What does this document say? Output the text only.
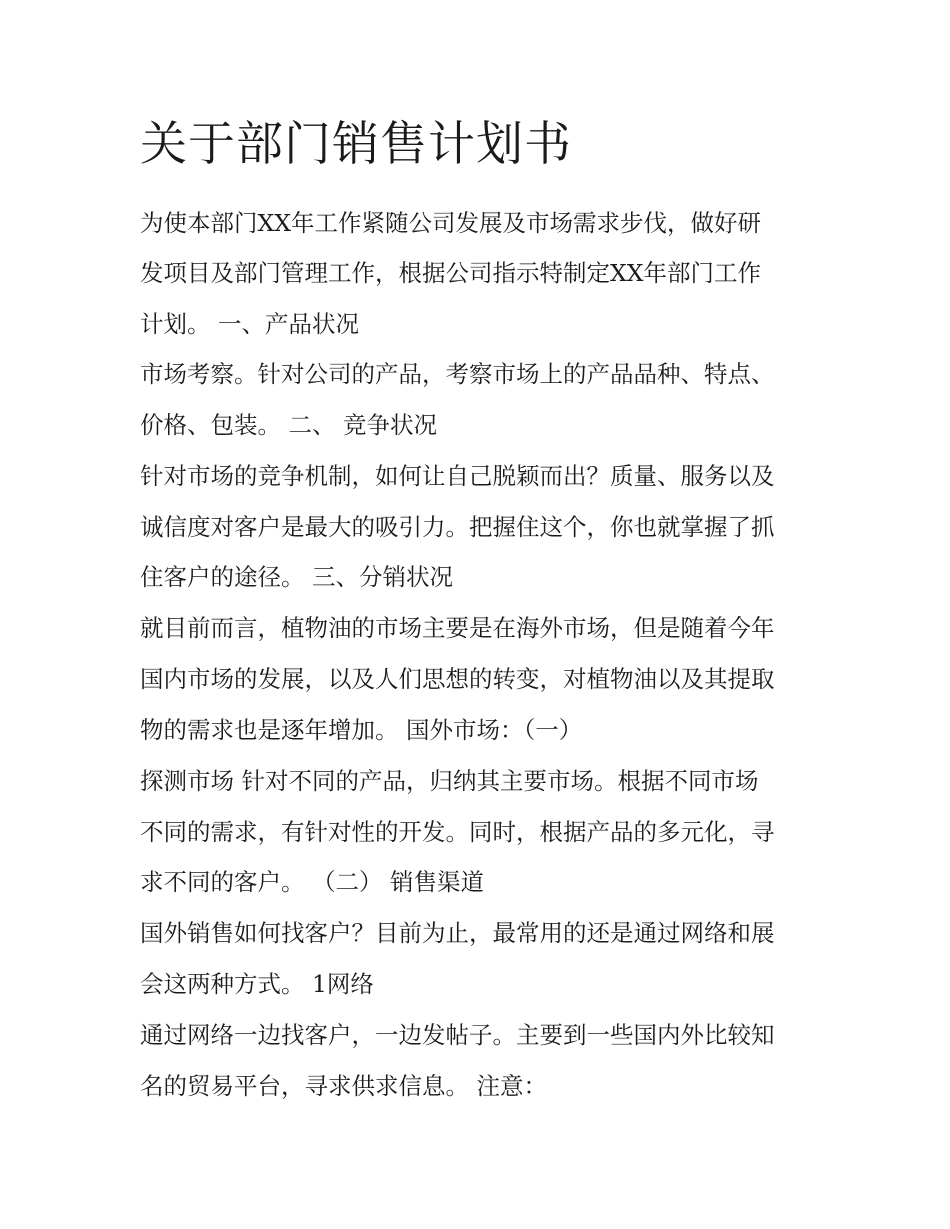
关于部门销售计划书

为使本部门XX年工作紧随公司发展及市场需求步伐，做好研

发项目及部门管理工作，根据公司指示特制定XX年部门工作

计划。 一、产品状况

市场考察。针对公司的产品，考察市场上的产品品种、特点、

价格、包装。 二、 竞争状况

针对市场的竞争机制，如何让自己脱颖而出？质量、服务以及

诚信度对客户是最大的吸引力。把握住这个，你也就掌握了抓

住客户的途径。 三、分销状况

就目前而言，植物油的市场主要是在海外市场，但是随着今年

国内市场的发展，以及人们思想的转变，对植物油以及其提取

物的需求也是逐年增加。 国外市场：（一）

探测市场 针对不同的产品，归纳其主要市场。根据不同市场

不同的需求，有针对性的开发。同时，根据产品的多元化，寻

求不同的客户。 （二） 销售渠道

国外销售如何找客户？目前为止，最常用的还是通过网络和展

会这两种方式。 1网络

通过网络一边找客户，一边发帖子。主要到一些国内外比较知

名的贸易平台，寻求供求信息。 注意：
